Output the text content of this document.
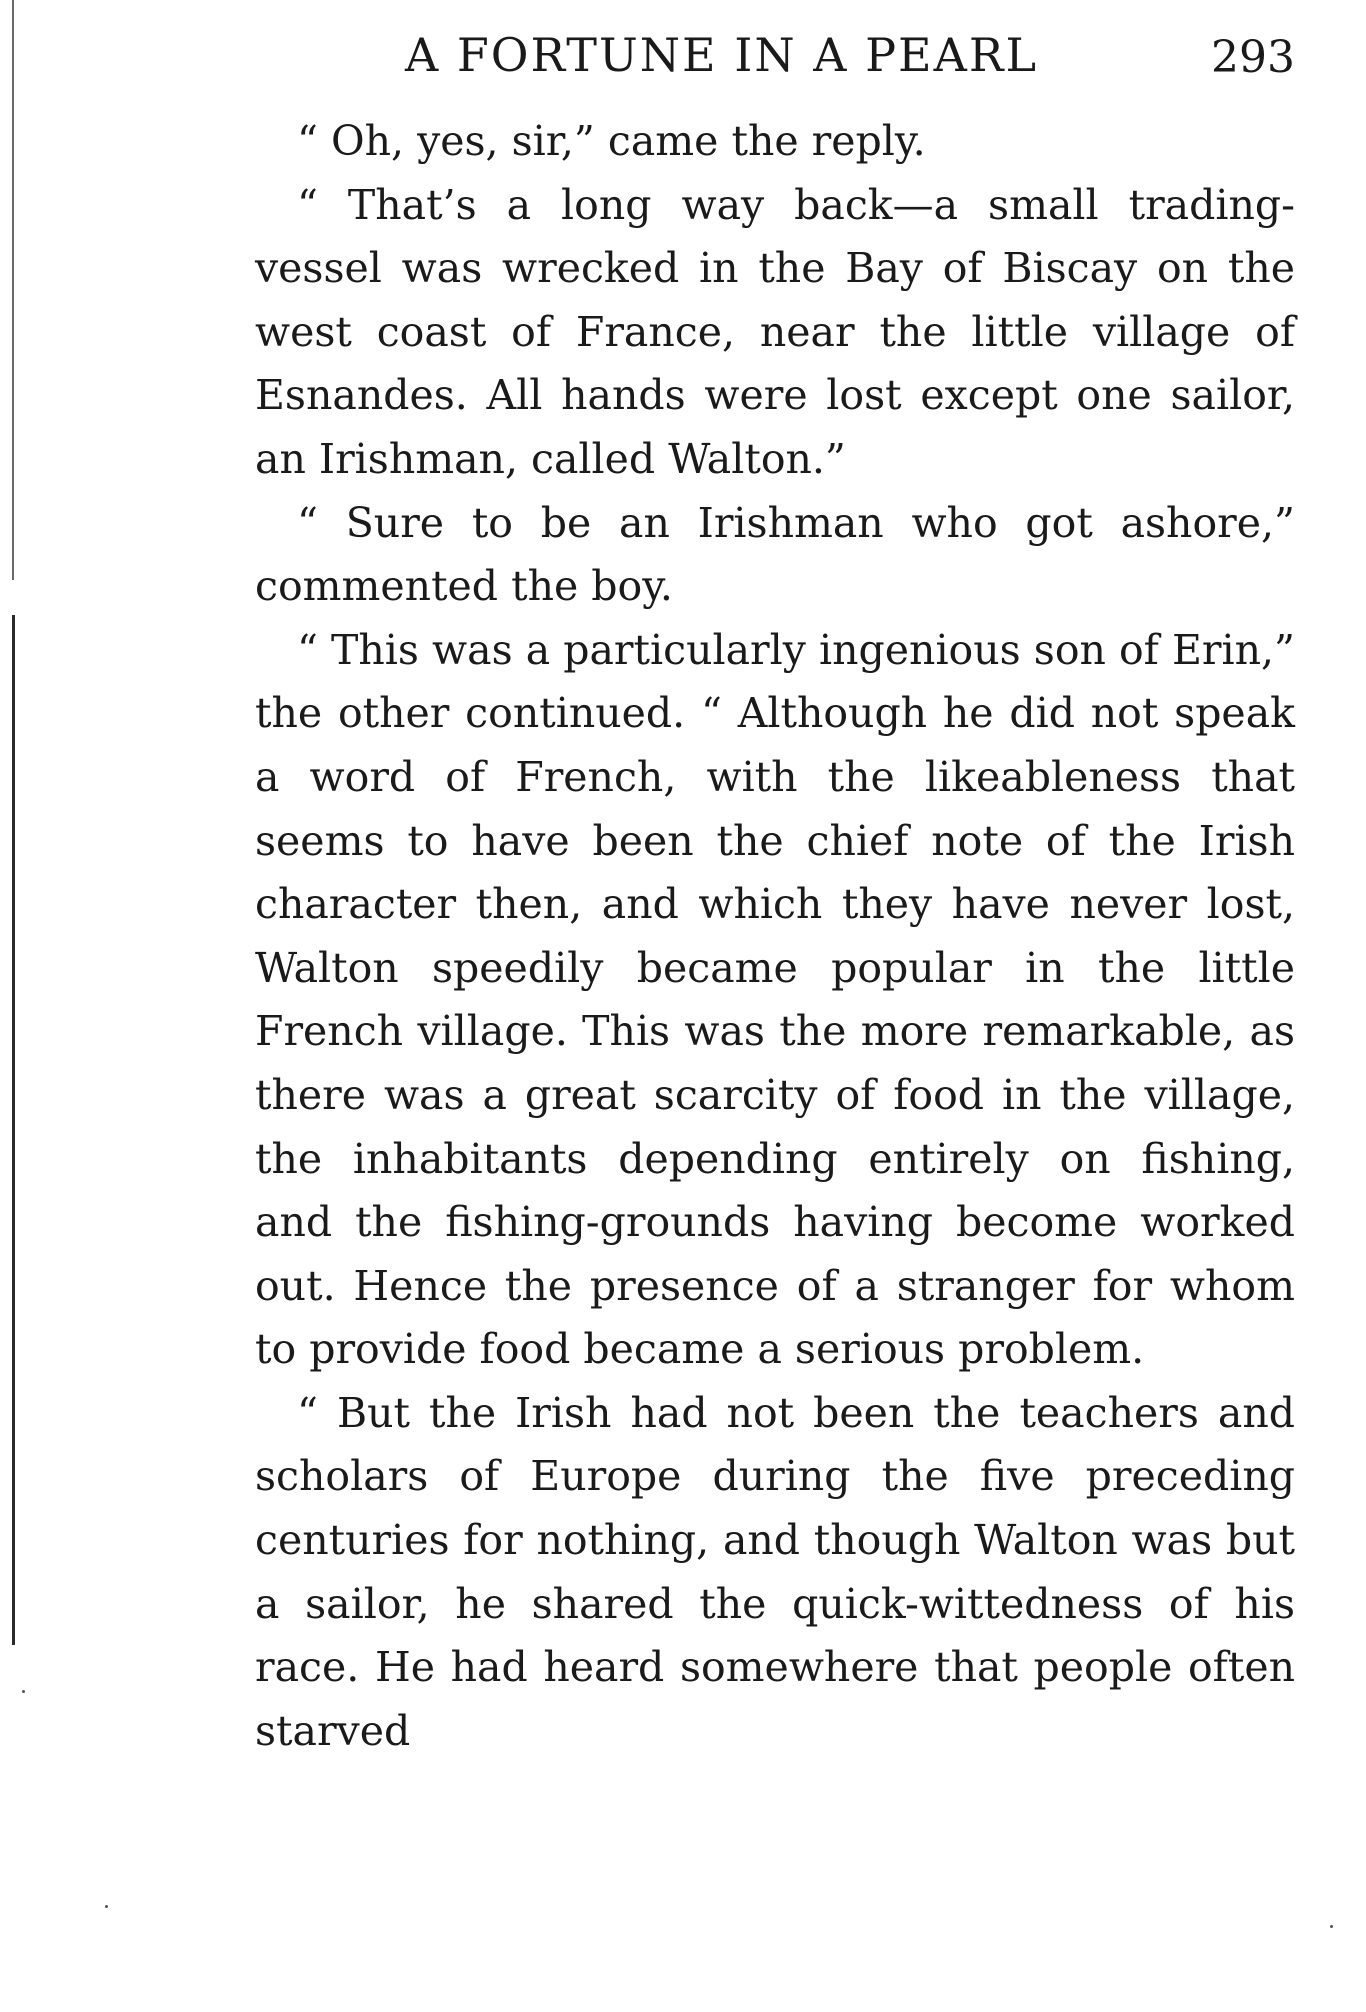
A FORTUNE IN A PEARL	293

“ Oh, yes, sir,” came the reply.

“ That’s a long way back—a small trading-vessel was wrecked in the Bay of Biscay on the west coast of France, near the little village of Esnandes. All hands were lost except one sailor, an Irishman, called Walton.”

“ Sure to be an Irishman who got ashore,” commented the boy.

“ This was a particularly ingenious son of Erin,” the other continued. “ Although he did not speak a word of French, with the likeableness that seems to have been the chief note of the Irish character then, and which they have never lost, Walton speedily became popular in the little French village. This was the more remarkable, as there was a great scarcity of food in the village, the inhabitants depending entirely on fishing, and the fishing-grounds having become worked out. Hence the presence of a stranger for whom to provide food became a serious problem.

“ But the Irish had not been the teachers and scholars of Europe during the five preceding centuries for nothing, and though Walton was but a sailor, he shared the quick-wittedness of his race. He had heard somewhere that people often starved
